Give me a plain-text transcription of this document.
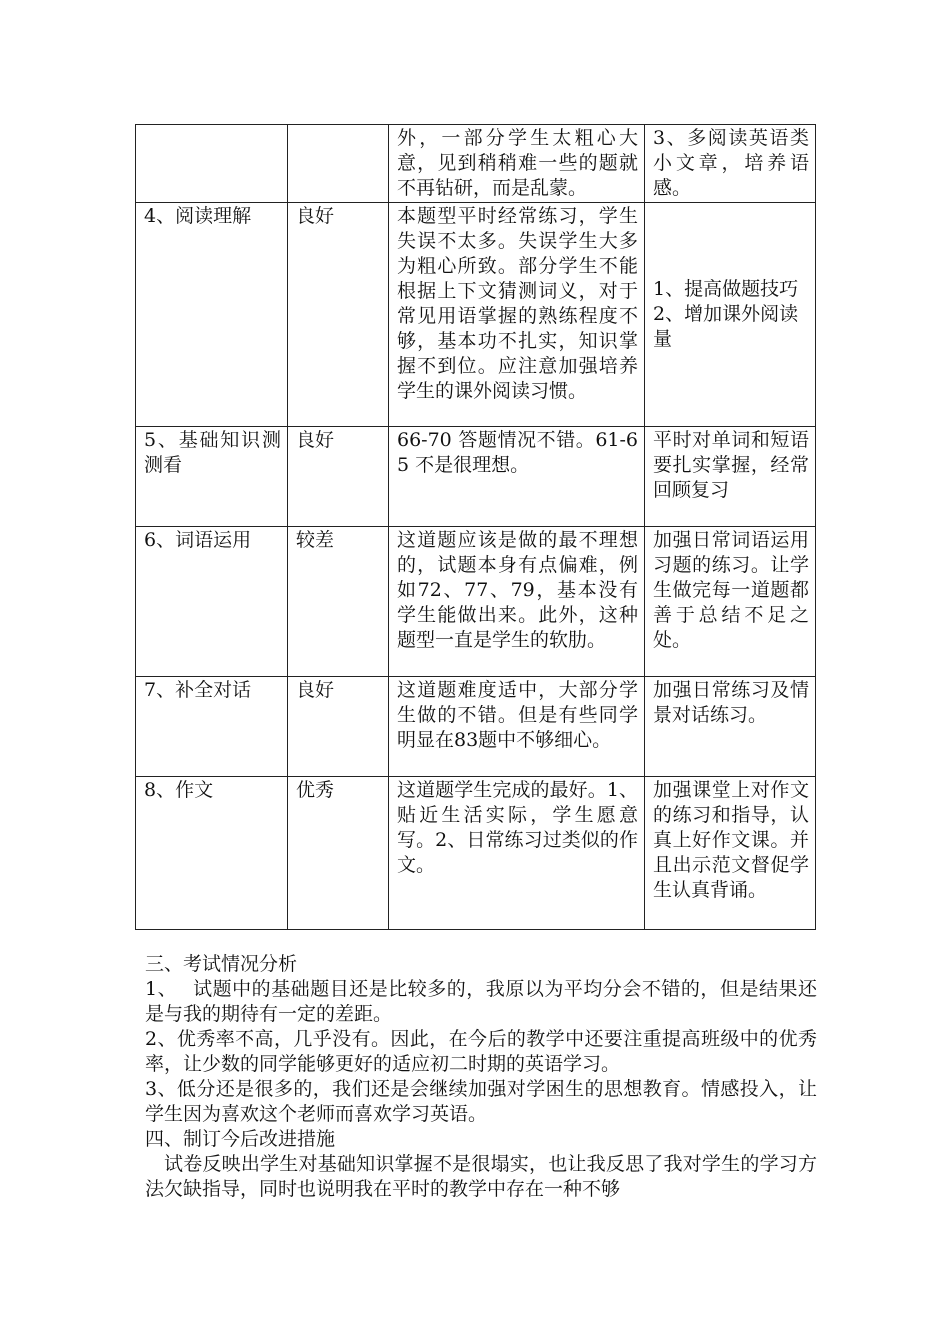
		外，一部分学生太粗心大意，见到稍稍难一些的题就不再钻研，而是乱蒙。	3、多阅读英语类小文章，培养语感。
4、阅读理解	良好	本题型平时经常练习，学生失误不太多。失误学生大多为粗心所致。部分学生不能根据上下文猜测词义，对于常见用语掌握的熟练程度不够，基本功不扎实，知识掌握不到位。应注意加强培养学生的课外阅读习惯。	1、提高做题技巧
2、增加课外阅读量
5、基础知识测测看	良好	66-70 答题情况不错。61-65 不是很理想。	平时对单词和短语要扎实掌握，经常回顾复习
6、词语运用	较差	这道题应该是做的最不理想的，试题本身有点偏难，例如72、77、79，基本没有学生能做出来。此外，这种题型一直是学生的软肋。	加强日常词语运用习题的练习。让学生做完每一道题都善于总结不足之处。
7、补全对话	良好	这道题难度适中，大部分学生做的不错。但是有些同学明显在83题中不够细心。	加强日常练习及情景对话练习。
8、作文	优秀	这道题学生完成的最好。1、贴近生活实际，学生愿意写。2、日常练习过类似的作文。	加强课堂上对作文的练习和指导，认真上好作文课。并且出示范文督促学生认真背诵。

三、考试情况分析

1、 试题中的基础题目还是比较多的，我原以为平均分会不错的，但是结果还是与我的期待有一定的差距。

2、优秀率不高，几乎没有。因此，在今后的教学中还要注重提高班级中的优秀率，让少数的同学能够更好的适应初二时期的英语学习。

3、低分还是很多的，我们还是会继续加强对学困生的思想教育。情感投入，让学生因为喜欢这个老师而喜欢学习英语。

四、制订今后改进措施

试卷反映出学生对基础知识掌握不是很塌实，也让我反思了我对学生的学习方法欠缺指导，同时也说明我在平时的教学中存在一种不够
